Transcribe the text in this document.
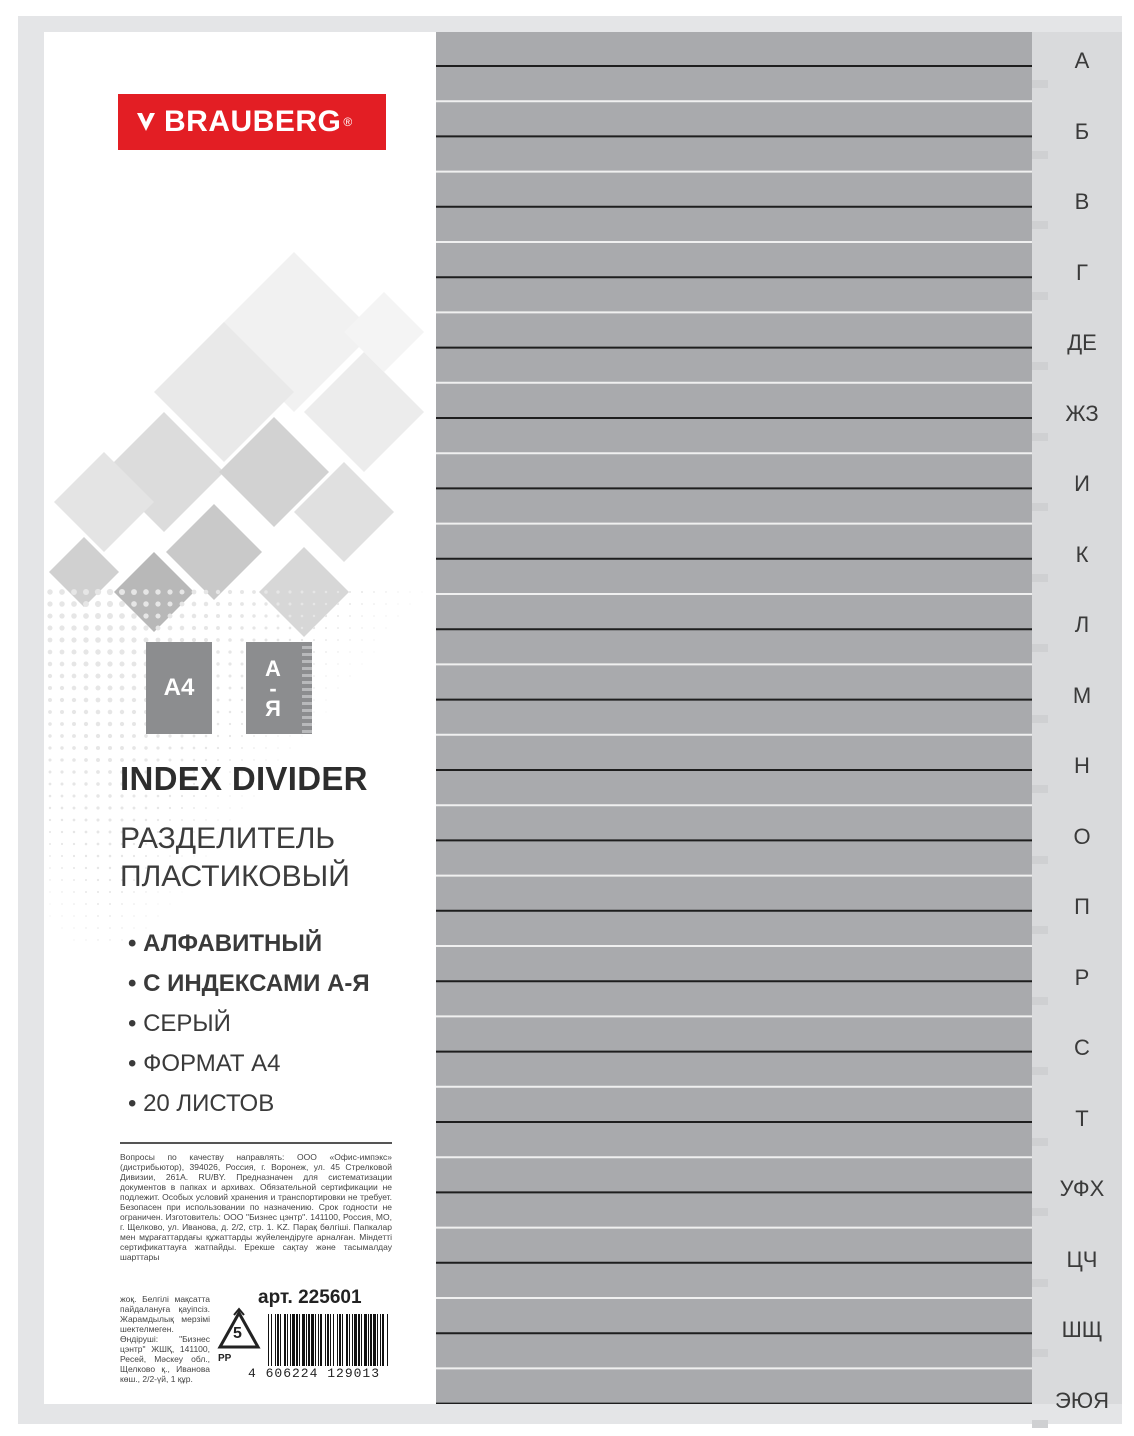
А
Б
В
Г
ДЕ
ЖЗ
И
К
Л
М
Н
О
П
Р
С
Т
УФХ
ЦЧ
ШЩ
ЭЮЯ
BRAUBERG ®
A4
А
-
Я
INDEX DIVIDER
РАЗДЕЛИТЕЛЬ
ПЛАСТИКОВЫЙ
• АЛФАВИТНЫЙ
• С ИНДЕКСАМИ А-Я
• СЕРЫЙ
• ФОРМАТ А4
• 20 ЛИСТОВ
Вопросы по качеству направлять: ООО «Офис-импэкс» (дистрибьютор), 394026, Россия, г. Воронеж, ул. 45 Стрелковой Дивизии, 261А. RU/BY. Предназначен для систематизации документов в папках и архивах. Обязательной сертификации не подлежит. Особых условий хранения и транспортировки не требует. Безопасен при использовании по назначению. Срок годности не ограничен. Изготовитель: ООО "Бизнес цэнтр". 141100, Россия, МО, г. Щелково, ул. Иванова, д. 2/2, стр. 1. KZ. Парақ бөлгіші. Папкалар мен мұрағаттардағы құжаттарды жүйелендіруге арналған. Міндетті сертификаттауға жатпайды. Ерекше сақтау және тасымалдау шарттары
жоқ. Белгілі мақсатта пайдалануға қауіпсіз. Жарамдылық мерзімі шектелмеген. Өндіруші: "Бизнес цэнтр" ЖШҚ, 141100, Ресей, Мәскеу обл., Щелково қ., Иванова көш., 2/2-үй, 1 құр.
арт. 225601
5
PP
4 606224 129013
